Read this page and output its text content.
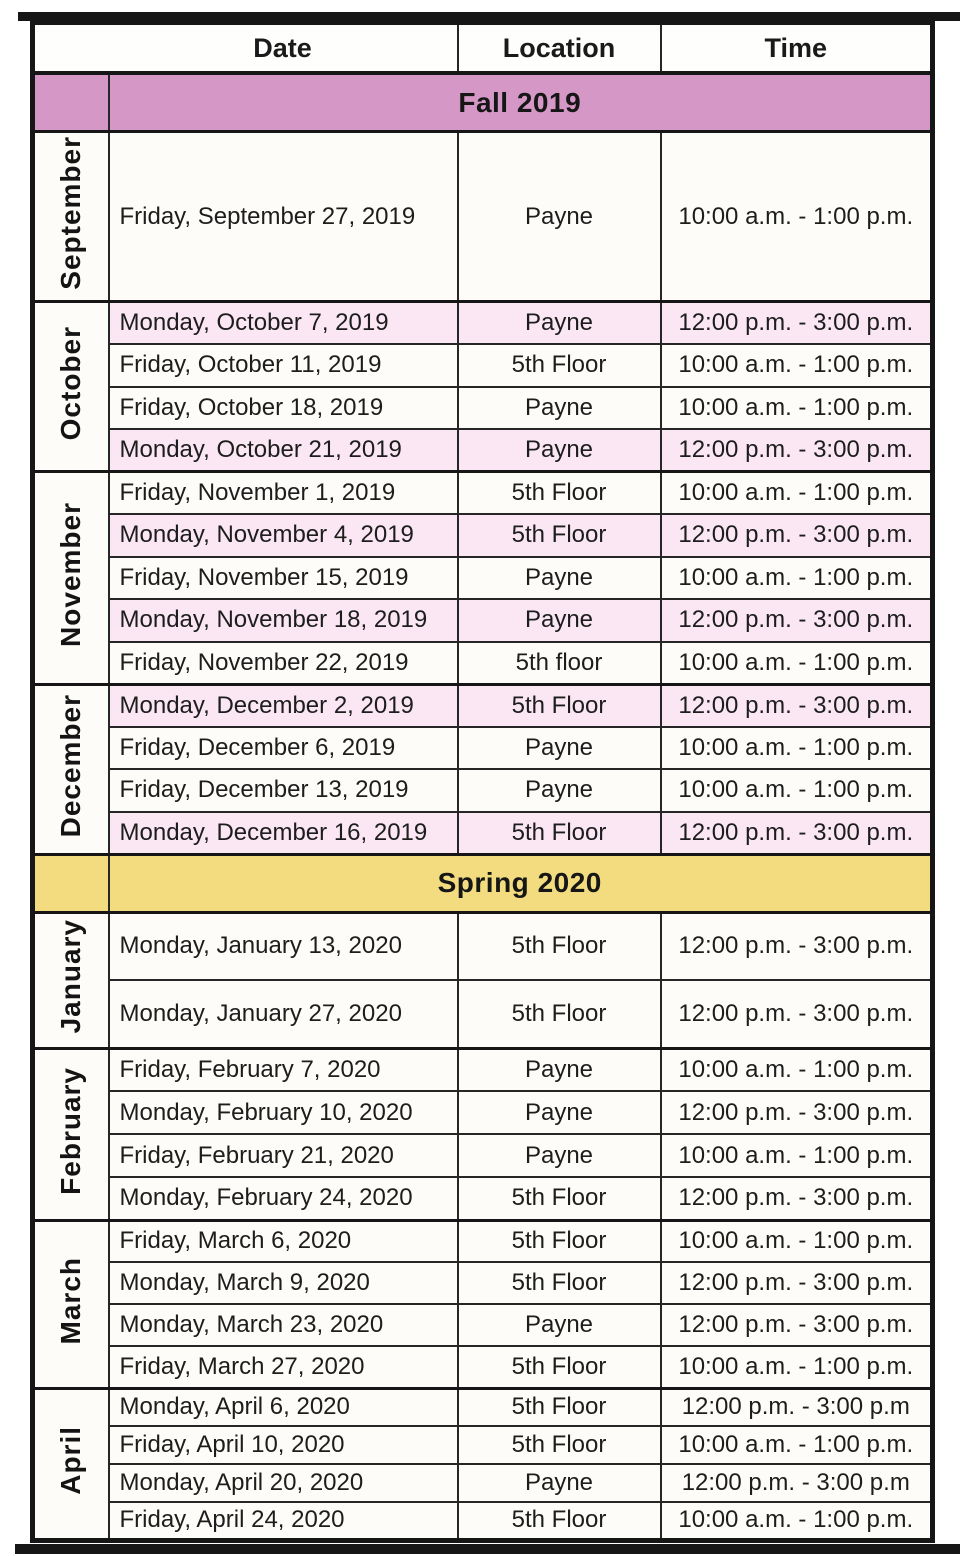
	Date	Location	Time
	Fall 2019		
September	Friday, September 27, 2019	Payne	10:00 a.m. - 1:00 p.m.
October	Monday, October 7, 2019	Payne	12:00 p.m. - 3:00 p.m.
	Friday, October 11, 2019	5th Floor	10:00 a.m. - 1:00 p.m.
	Friday, October 18, 2019	Payne	10:00 a.m. - 1:00 p.m.
	Monday, October 21, 2019	Payne	12:00 p.m. - 3:00 p.m.
November	Friday, November 1, 2019	5th Floor	10:00 a.m. - 1:00 p.m.
	Monday, November 4, 2019	5th Floor	12:00 p.m. - 3:00 p.m.
	Friday, November 15, 2019	Payne	10:00 a.m. - 1:00 p.m.
	Monday, November 18, 2019	Payne	12:00 p.m. - 3:00 p.m.
	Friday, November 22, 2019	5th floor	10:00 a.m. - 1:00 p.m.
December	Monday, December 2, 2019	5th Floor	12:00 p.m. - 3:00 p.m.
	Friday, December 6, 2019	Payne	10:00 a.m. - 1:00 p.m.
	Friday, December 13, 2019	Payne	10:00 a.m. - 1:00 p.m.
	Monday, December 16, 2019	5th Floor	12:00 p.m. - 3:00 p.m.
	Spring 2020		
January	Monday, January 13, 2020	5th Floor	12:00 p.m. - 3:00 p.m.
	Monday, January 27, 2020	5th Floor	12:00 p.m. - 3:00 p.m.
February	Friday, February 7, 2020	Payne	10:00 a.m. - 1:00 p.m.
	Monday, February 10, 2020	Payne	12:00 p.m. - 3:00 p.m.
	Friday, February 21, 2020	Payne	10:00 a.m. - 1:00 p.m.
	Monday, February 24, 2020	5th Floor	12:00 p.m. - 3:00 p.m.
March	Friday, March 6, 2020	5th Floor	10:00 a.m. - 1:00 p.m.
	Monday, March 9, 2020	5th Floor	12:00 p.m. - 3:00 p.m.
	Monday, March 23, 2020	Payne	12:00 p.m. - 3:00 p.m.
	Friday, March 27, 2020	5th Floor	10:00 a.m. - 1:00 p.m.
April	Monday, April 6, 2020	5th Floor	12:00 p.m. - 3:00 p.m
	Friday, April 10, 2020	5th Floor	10:00 a.m. - 1:00 p.m.
	Monday, April 20, 2020	Payne	12:00 p.m. - 3:00 p.m
	Friday, April 24, 2020	5th Floor	10:00 a.m. - 1:00 p.m.
